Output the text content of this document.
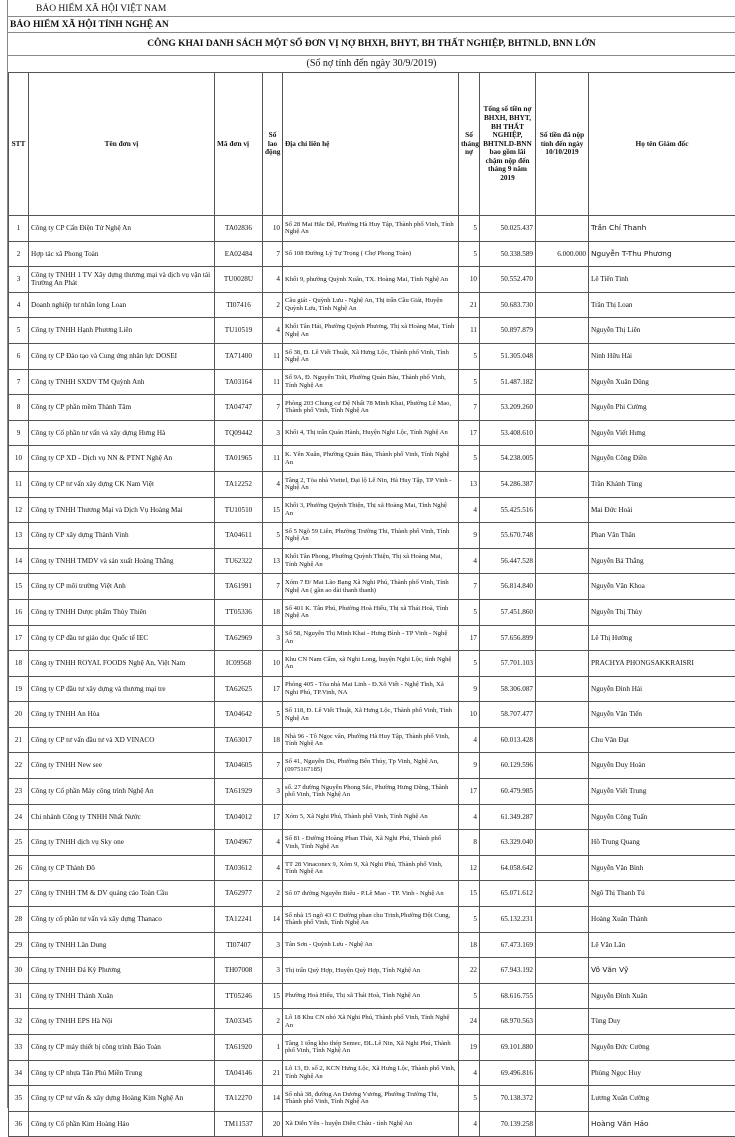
BẢO HIỂM XÃ HỘI VIỆT NAM
BẢO HIỂM XÃ HỘI TỈNH NGHỆ AN
CÔNG KHAI DANH SÁCH MỘT SỐ ĐƠN VỊ NỢ BHXH, BHYT, BH THẤT NGHIỆP, BHTNLD, BNN LỚN
(Số nợ tính đến ngày 30/9/2019)
STT	Tên đơn vị	Mã đơn vị	Số lao động	Địa chỉ liên hệ	Số tháng nợ	Tổng số tiền nợ BHXH, BHYT, BH THẤT NGHIỆP, BHTNLD-BNN bao gồm lãi chậm nộp đến tháng 9 năm 2019	Số tiền đã nộp tính đến ngày 10/10/2019	Họ tên Giám đốc
1	Công ty CP Cấn Điện Tử Nghệ An	TA02836	10	Số 28 Mai Hắc Đế, Phường Hà Huy Tập, Thành phố Vinh, Tỉnh Nghệ An	5	50.025.437		Trần Chí Thanh
2	Hợp tác xã Phong Toàn	EA02484	7	Số 108 Đường Lý Tự Trọng ( Chợ Phong Toàn)	5	50.338.589	6.000.000	Nguyễn T-Thu Phương
3	Công ty TNHH 1 TV Xây dựng thương mại và dịch vụ vận tải Trường An Phát	TU0028U	4	Khối 9, phường Quỳnh Xuân, TX. Hoàng Mai, Tỉnh Nghệ An	10	50.552.470		Lê Tiến Tình
4	Doanh nghiệp tư nhân long Loan	TI07416	2	Cầu giát - Quỳnh Lưu - Nghệ An, Thị trấn Cầu Giát, Huyện Quỳnh Lưu, Tỉnh Nghệ An	21	50.683.730		Trần Thị Loan
5	Công ty TNHH Hạnh Phương Liên	TU10519	4	Khối Tân Hải, Phường Quỳnh Phương, Thị xã Hoàng Mai, Tỉnh Nghệ An	11	50.897.879		Nguyễn Thị Liên
6	Công ty CP Đào tạo và Cung ứng nhân lực DOSEI	TA71400	11	Số 38, Đ. Lê Viết Thuật, Xã Hưng Lộc, Thành phố Vinh, Tỉnh Nghệ An	5	51.305.048		Ninh Hữu Hải
7	Công ty TNHH SXDV TM Quỳnh Anh	TA03164	11	Số 9A, Đ. Nguyễn Trãi, Phường Quán Bàu, Thành phố Vinh, Tỉnh Nghệ An	5	51.487.182		Nguyễn Xuân Dũng
8	Công ty CP phần mềm Thành Tâm	TA04747	7	Phòng 203 Chung cư Đệ Nhất 78 Minh Khai, Phường Lê Mao, Thành phố Vinh, Tỉnh Nghệ An	7	53.209.260		Nguyễn Phi Cường
9	Công ty Cổ phần tư vấn và xây dựng Hưng Hà	TQ09442	3	Khối 4, Thị trấn Quán Hành, Huyện Nghi Lộc, Tỉnh Nghệ An	17	53.408.610		Nguyễn Viết Hưng
10	Công ty CP XD - Dịch vụ NN & PTNT Nghệ An	TA01965	11	K. Yên Xuân, Phường Quán Bàu, Thành phố Vinh, Tỉnh Nghệ An	5	54.238.005		Nguyễn Công Điền
11	Công ty CP tư vấn xây dựng CK Nam Việt	TA12252	4	Tầng 2, Tòa nhà Viettel, Đại lộ Lê Nin, Hà Huy Tập, TP Vinh - Nghệ An	13	54.286.387		Trần Khánh Tùng
12	Công ty TNHH Thương Mại và Dịch Vụ Hoàng Mai	TU10510	15	Khối 3, Phường Quỳnh Thiện, Thị xã Hoàng Mai, Tỉnh Nghệ An	4	55.425.516		Mai Đức Hoài
13	Công ty CP xây dựng Thành Vinh	TA04611	5	Số 5 Ngõ 59 Liên, Phường Trường Thi, Thành phố Vinh, Tỉnh Nghệ An	9	55.670.748		Phan Văn Thân
14	Công ty TNHH TMDV và sản xuất Hoàng Thắng	TU62322	13	Khối Tân Phong, Phường Quỳnh Thiện, Thị xã Hoàng Mai, Tỉnh Nghệ An	4	56.447.528		Nguyễn Bá Thắng
15	Công ty CP môi trường Việt Anh	TA61991	7	Xóm 7 Đ/ Mai Lão Bạng Xã Nghi Phú, Thành phố Vinh, Tỉnh Nghệ An ( gần ao dài thanh thanh)	7	56.814.840		Nguyễn Văn Khoa
16	Công ty TNHH Dược phẩm Thùy Thiên	TT05336	18	Số 401 K. Tân Phú, Phường Hoà Hiếu, Thị xã Thái Hoà, Tỉnh Nghệ An	5	57.451.860		Nguyễn Thị Thùy
17	Công ty CP đầu tư giáo dục Quốc tế IEC	TA62969	3	Số 58, Nguyễn Thị Minh Khai - Hưng Bình - TP Vinh - Nghệ An	17	57.656.899		Lê Thị Hường
18	Công ty TNHH ROYAL FOODS Nghệ An, Việt Nam	IC09568	10	Khu CN Nam Cấm, xã Nghi Long, huyện Nghi Lộc, tỉnh Nghệ An	5	57.701.103		PRACHYA PHONGSAKKRAISRI
19	Công ty CP đầu tư xây dựng và thương mại tre	TA62625	17	Phòng 405 - Tòa nhà Mai Linh - Đ.Xô Viết - Nghệ Tĩnh, Xã Nghi Phú, TP.Vinh, NA	9	58.306.087		Nguyễn Đình Hải
20	Công ty TNHH An Hòa	TA04642	5	Số 118, Đ. Lê Viết Thuật, Xã Hưng Lộc, Thành phố Vinh, Tỉnh Nghệ An	10	58.707.477		Nguyễn Văn Tiến
21	Công ty CP tư vấn đầu tư và XD VINACO	TA63017	18	Nhà 96 - Tô Ngọc vân, Phường Hà Huy Tập, Thành phố Vinh, Tỉnh Nghệ An	4	60.013.428		Chu Văn Đạt
22	Công ty TNHH New see	TA04605	7	Số 41, Nguyễn Du, Phường Bến Thủy, Tp Vinh, Nghệ An, (0975167185)	9	60.129.596		Nguyễn Duy Hoàn
23	Công ty Cổ phần Máy công trình Nghệ An	TA61929	3	số. 27 đường Nguyễn Phong Sắc, Phường Hưng Dũng, Thành phố Vinh, Tỉnh Nghệ An	17	60.479.985		Nguyễn Viết Trung
24	Chi nhánh Công ty TNHH Nhất Nước	TA04012	17	Xóm 5, Xã Nghi Phú, Thành phố Vinh, Tỉnh Nghệ An	4	61.349.287		Nguyễn Công Tuấn
25	Công ty TNHH dịch vụ Sky one	TA04967	4	Số 81 - Đường Hoàng Phan Thái, Xã Nghi Phú, Thành phố Vinh, Tỉnh Nghệ An	8	63.329.040		Hồ Trung Quang
26	Công ty CP Thành Đô	TA03612	4	TT 28 Vinaconex 9, Xóm 9, Xã Nghi Phú, Thành phố Vinh, Tỉnh Nghệ An	12	64.058.642		Nguyễn Văn Bình
27	Công ty TNHH TM & DV quảng cáo Toàn Cầu	TA62977	2	Số 07 đường Nguyễn Biểu - P.Lê Mao - TP. Vinh - Nghệ An	15	65.071.612		Ngô Thị Thanh Tú
28	Công ty cổ phần tư vấn và xây dựng Thanaco	TA12241	14	Số nhà 15 ngõ 43 C Đường phan chu Trinh,Phường Đội Cung, Thành phố Vinh, Tỉnh Nghệ An	5	65.132.231		Hoàng Xuân Thành
29	Công ty TNHH Lân Dung	TI07407	3	Tân Sơn - Quỳnh Lưu - Nghệ An	18	67.473.169		Lê Văn Lân
30	Công ty TNHH Đá Kỳ Phương	TH07008	3	Thị trấn Quỳ Hợp, Huyện Quỳ Hợp, Tỉnh Nghệ An	22	67.943.192		Võ Văn Vỹ
31	Công ty TNHH Thành Xuân	TT05246	15	Phường Hoà Hiếu, Thị xã Thái Hoà, Tỉnh Nghệ An	5	68.616.755		Nguyễn Đình Xuân
32	Công ty TNHH EPS Hà Nội	TA03345	2	Lô 18 Khu CN nhỏ Xã Nghi Phú, Thành phố Vinh, Tỉnh Nghệ An	24	68.970.563		Tùng Duy
33	Công ty CP máy thiết bị công trình Bảo Toàn	TA61920	1	Tầng 1 tổng kho thép Semec, ĐL.Lê Nin, Xã Nghi Phú, Thành phố Vinh, Tỉnh Nghệ An	19	69.101.880		Nguyễn Đức Cường
34	Công ty CP nhựa Tân Phú Miền Trung	TA04146	21	Lô 13, Đ. số 2, KCN Hưng Lộc, Xã Hưng Lộc, Thành phố Vinh, Tỉnh Nghệ An	4	69.496.816		Phùng Ngọc Huy
35	Công ty CP tư vấn & xây dựng Hoàng Kim Nghệ An	TA12270	14	Số nhà 38, đường An Dương Vương, Phường Trường Thi, Thành phố Vinh, Tỉnh Nghệ An	5	70.138.372		Lương Xuân Cường
36	Công ty Cổ phần Kim Hoàng Hảo	TM11537	20	Xã Diễn Yên - huyện Diễn Châu - tỉnh Nghệ An	4	70.139.258		Hoàng Văn Hảo
